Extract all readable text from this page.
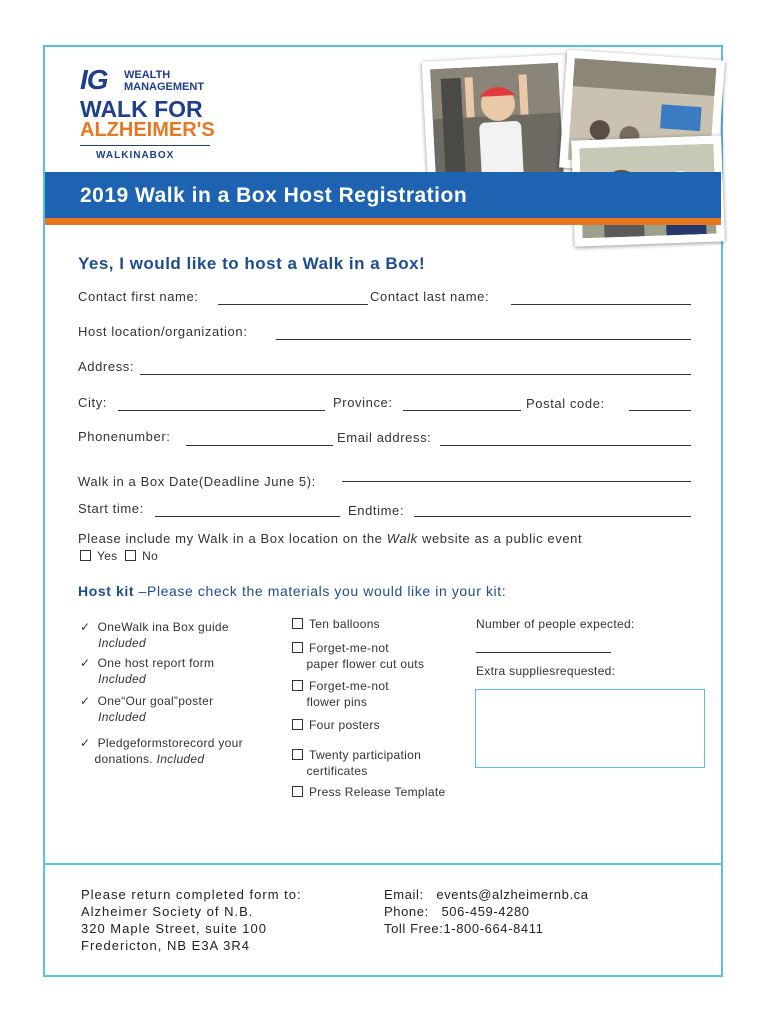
IG WEALTH
MANAGEMENT
WALK FOR
ALZHEIMER'S
WALKINABOX
2019 Walk in a Box Host Registration
Yes, I would like to host a Walk in a Box!
Contact first name:	Contact last name:
Host location/organization:
Address:
City:	Province:	Postal code:
Phonenumber:	Email address:
Walk in a Box Date(Deadline June 5):
Start time:	Endtime:
Please include my Walk in a Box location on the Walk website as a public event
Yes No
Host kit –Please check the materials you would like in your kit:
✓  OneWalk ina Box guide
Included
✓  One host report form
Included
✓  One“Our goal”poster
Included
✓  Pledgeformstorecord your
donations. Included
Ten balloons
Forget-me-not
paper flower cut outs
Forget-me-not
flower pins
Four posters
Twenty participation
certificates
Press Release Template
Number of people expected:
Extra suppliesrequested:
Please return completed form to:
Alzheimer Society of N.B.
320 Maple Street, suite 100
Fredericton, NB E3A 3R4
Email: events@alzheimernb.ca
Phone: 506-459-4280
Toll Free:1-800-664-8411
